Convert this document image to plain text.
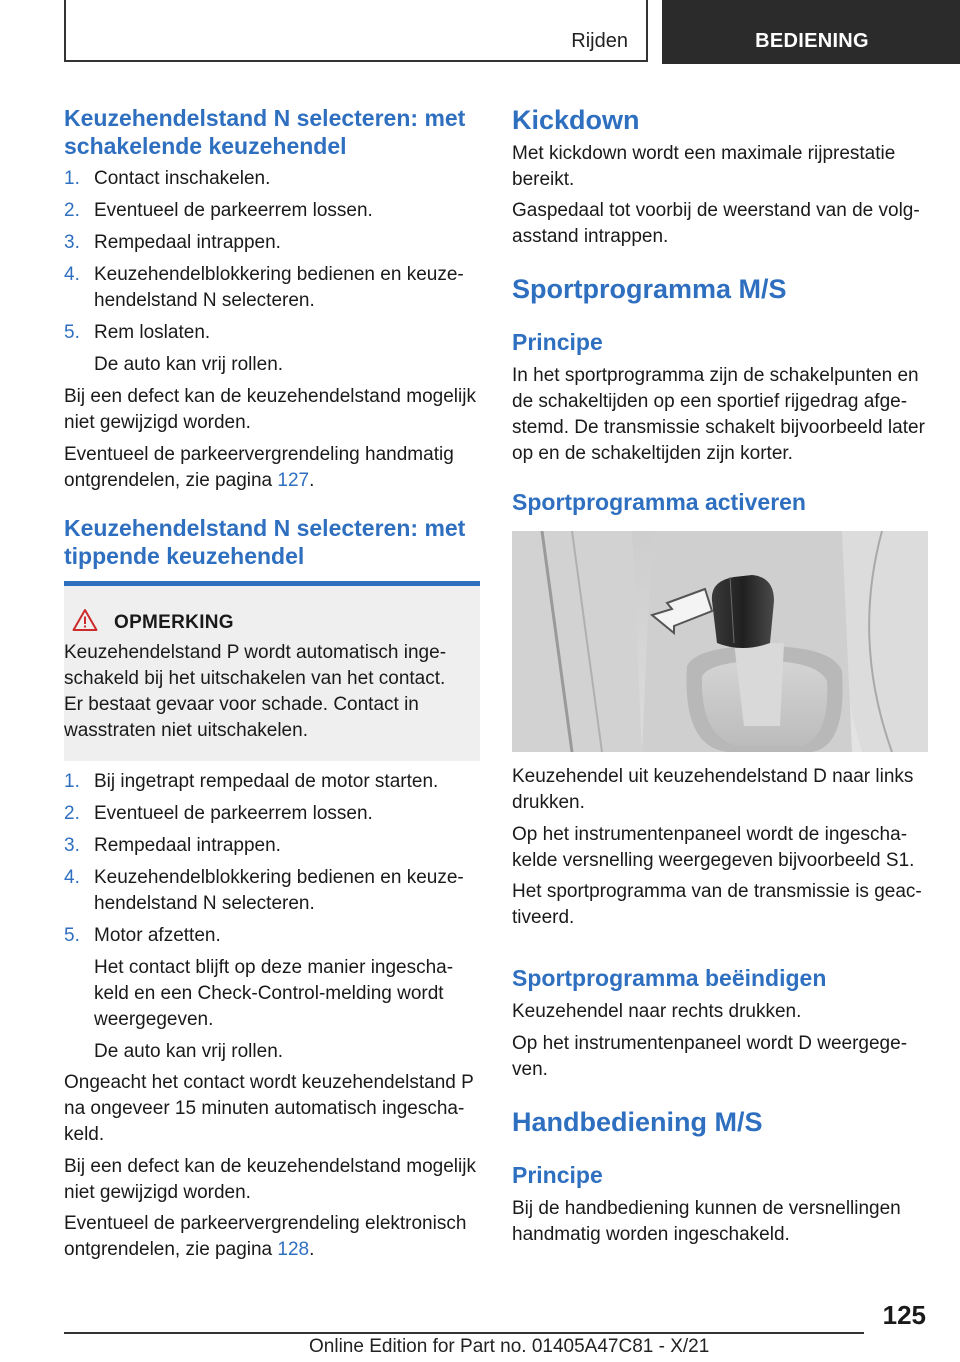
Rijden	BEDIENING
Keuzehendelstand N selecteren: met schakelende keuzehendel
1. Contact inschakelen.
2. Eventueel de parkeerrem lossen.
3. Rempedaal intrappen.
4. Keuzehendelblokkering bedienen en keuzehendelstand N selecteren.
5. Rem loslaten.
De auto kan vrij rollen.

Bij een defect kan de keuzehendelstand mogelijk niet gewijzigd worden.

Eventueel de parkeervergrendeling handmatig ontgrendelen, zie pagina 127.

Keuzehendelstand N selecteren: met tippende keuzehendel
OPMERKING
Keuzehendelstand P wordt automatisch ingeschakeld bij het uitschakelen van het contact. Er bestaat gevaar voor schade. Contact in wasstraten niet uitschakelen.
1. Bij ingetrapt rempedaal de motor starten.
2. Eventueel de parkeerrem lossen.
3. Rempedaal intrappen.
4. Keuzehendelblokkering bedienen en keuzehendelstand N selecteren.
5. Motor afzetten.
Het contact blijft op deze manier ingeschakeld en een Check-Control-melding wordt weergegeven.
De auto kan vrij rollen.

Ongeacht het contact wordt keuzehendelstand P na ongeveer 15 minuten automatisch ingeschakeld.

Bij een defect kan de keuzehendelstand mogelijk niet gewijzigd worden.

Eventueel de parkeervergrendeling elektronisch ontgrendelen, zie pagina 128.

Kickdown

Met kickdown wordt een maximale rijprestatie bereikt.

Gaspedaal tot voorbij de weerstand van de volgasstand intrappen.

Sportprogramma M/S
Principe

In het sportprogramma zijn de schakelpunten en de schakeltijden op een sportief rijgedrag afgestemd. De transmissie schakelt bijvoorbeeld later op en de schakeltijden zijn korter.

Sportprogramma activeren

Keuzehendel uit keuzehendelstand D naar links drukken.

Op het instrumentenpaneel wordt de ingeschakelde versnelling weergegeven bijvoorbeeld S1.

Het sportprogramma van de transmissie is geactiveerd.

Sportprogramma beëindigen

Keuzehendel naar rechts drukken.

Op het instrumentenpaneel wordt D weergegeven.

Handbediening M/S
Principe

Bij de handbediening kunnen de versnellingen handmatig worden ingeschakeld.

125
Online Edition for Part no. 01405A47C81 - X/21
